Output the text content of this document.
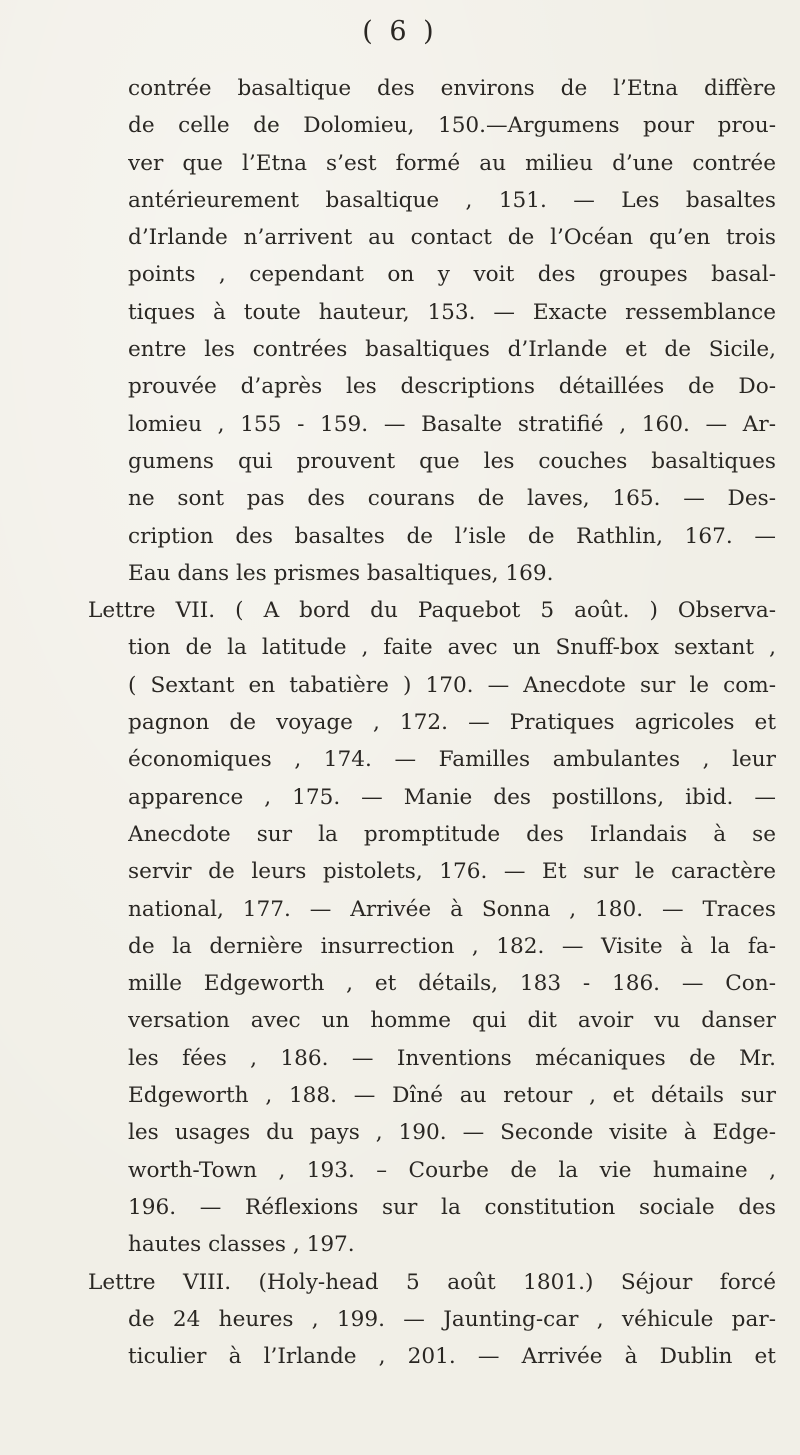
( 6 )
contrée basaltique des environs de l’Etna diffère
de celle de Dolomieu, 150.—Argumens pour prou-
ver que l’Etna s’est formé au milieu d’une contrée
antérieurement basaltique , 151. — Les basaltes
d’Irlande n’arrivent au contact de l’Océan qu’en trois
points , cependant on y voit des groupes basal-
tiques à toute hauteur, 153. — Exacte ressemblance
entre les contrées basaltiques d’Irlande et de Sicile,
prouvée d’après les descriptions détaillées de Do-
lomieu , 155 - 159. — Basalte stratifié , 160. — Ar-
gumens qui prouvent que les couches basaltiques
ne sont pas des courans de laves, 165. — Des-
cription des basaltes de l’isle de Rathlin, 167. —
Eau dans les prismes basaltiques, 169.
Lettre VII. ( A bord du Paquebot 5 août. ) Observa-
tion de la latitude , faite avec un Snuff-box sextant ,
( Sextant en tabatière ) 170. — Anecdote sur le com-
pagnon de voyage , 172. — Pratiques agricoles et
économiques , 174. — Familles ambulantes , leur
apparence , 175. — Manie des postillons, ibid. —
Anecdote sur la promptitude des Irlandais à se
servir de leurs pistolets, 176. — Et sur le caractère
national, 177. — Arrivée à Sonna , 180. — Traces
de la dernière insurrection , 182. — Visite à la fa-
mille Edgeworth , et détails, 183 - 186. — Con-
versation avec un homme qui dit avoir vu danser
les fées , 186. — Inventions mécaniques de Mr.
Edgeworth , 188. — Dîné au retour , et détails sur
les usages du pays , 190. — Seconde visite à Edge-
worth-Town , 193. – Courbe de la vie humaine ,
196. — Réflexions sur la constitution sociale des
hautes classes , 197.
Lettre VIII. (Holy-head 5 août 1801.) Séjour forcé
de 24 heures , 199. — Jaunting-car , véhicule par-
ticulier à l’Irlande , 201. — Arrivée à Dublin et
